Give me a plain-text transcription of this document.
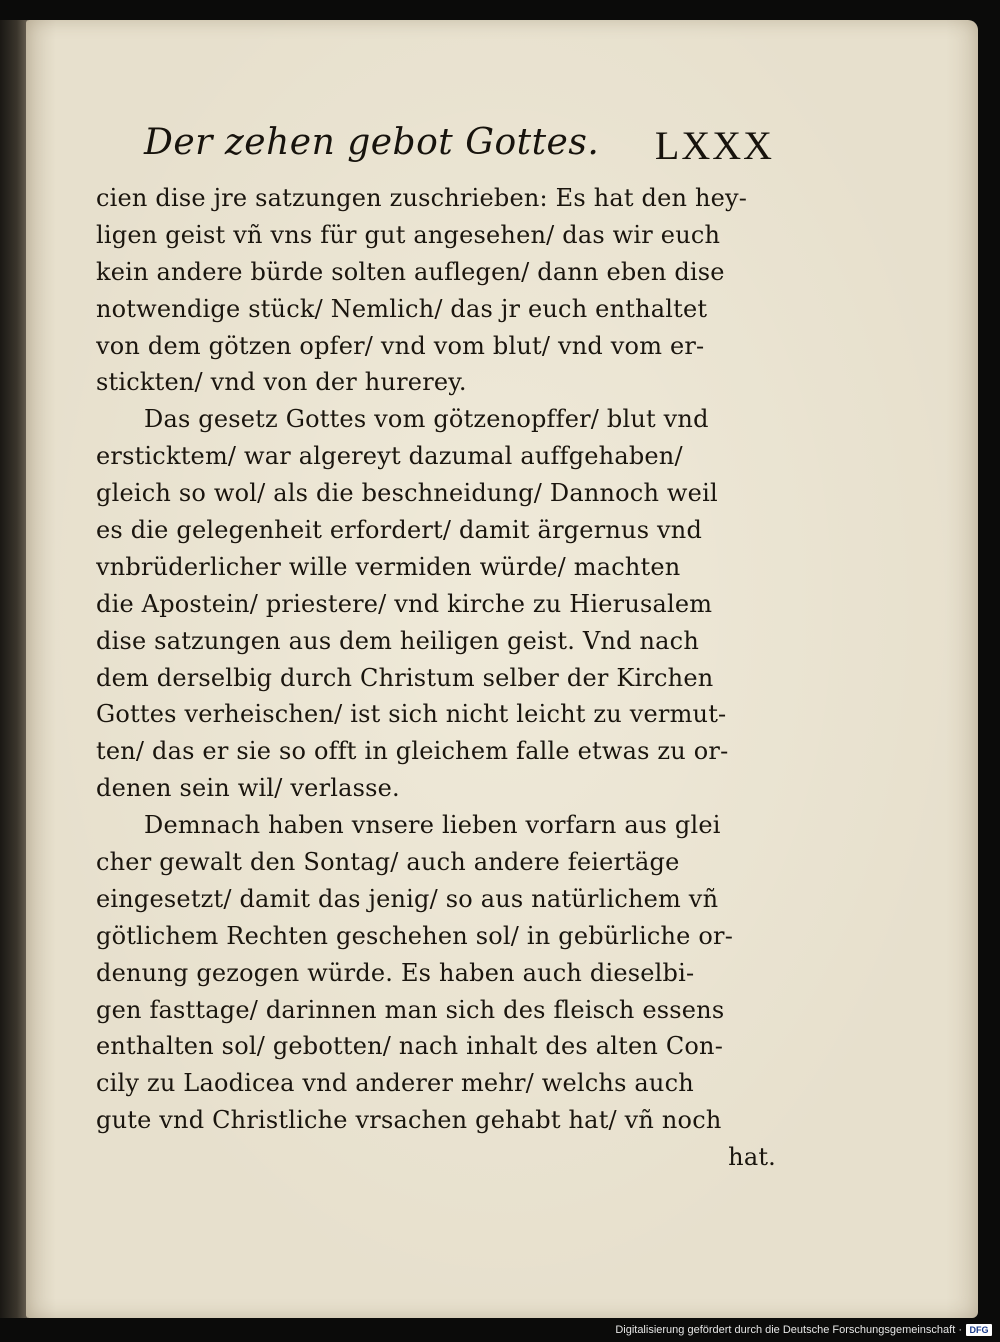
Der zehen gebot Gottes. LXXX
cien dise jre satzungen zuschrieben: Es hat den hey-
ligen geist vñ vns für gut angesehen/ das wir euch
kein andere bürde solten auflegen/ dann eben dise
notwendige stück/ Nemlich/ das jr euch enthaltet
von dem götzen opfer/ vnd vom blut/ vnd vom er-
stickten/ vnd von der hurerey.
Das gesetz Gottes vom götzenopffer/ blut vnd
ersticktem/ war algereyt dazumal auffgehaben/
gleich so wol/ als die beschneidung/ Dannoch weil
es die gelegenheit erfordert/ damit ärgernus vnd
vnbrüderlicher wille vermiden würde/ machten
die Apostein/ priestere/ vnd kirche zu Hierusalem
dise satzungen aus dem heiligen geist. Vnd nach
dem derselbig durch Christum selber der Kirchen
Gottes verheischen/ ist sich nicht leicht zu vermut-
ten/ das er sie so offt in gleichem falle etwas zu or-
denen sein wil/ verlasse.
Demnach haben vnsere lieben vorfarn aus glei
cher gewalt den Sontag/ auch andere feiertäge
eingesetzt/ damit das jenig/ so aus natürlichem vñ
götlichem Rechten geschehen sol/ in gebürliche or-
denung gezogen würde. Es haben auch dieselbi-
gen fasttage/ darinnen man sich des fleisch essens
enthalten sol/ gebotten/ nach inhalt des alten Con-
cily zu Laodicea vnd anderer mehr/ welchs auch
gute vnd Christliche vrsachen gehabt hat/ vñ noch
hat.
Digitalisierung gefördert durch die Deutsche Forschungsgemeinschaft · DFG
